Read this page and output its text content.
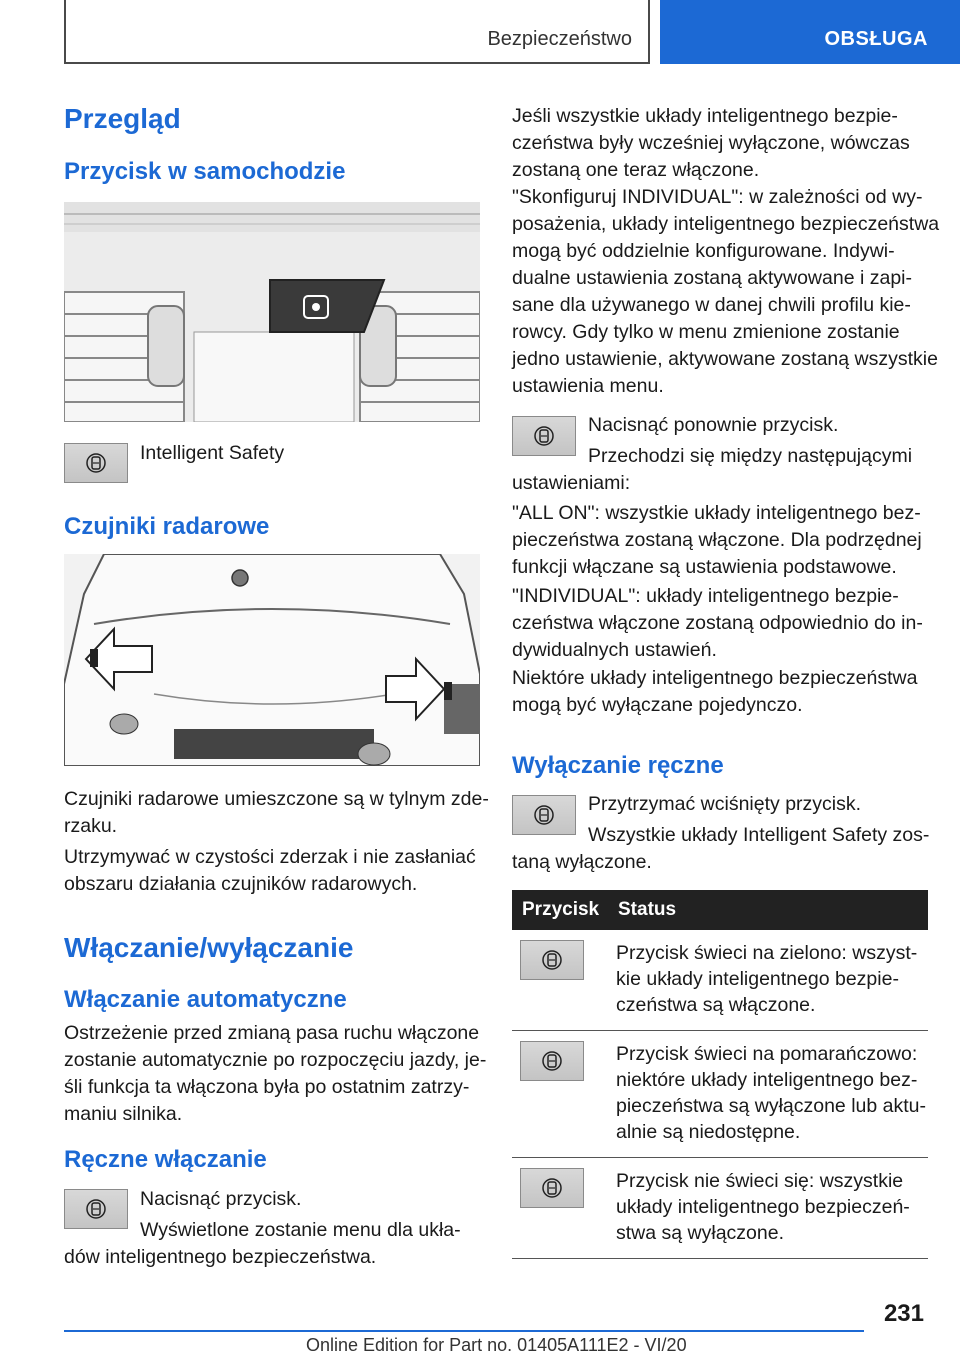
Bezpieczeństwo	OBSŁUGA
Przegląd
Przycisk w samochodzie

Intelligent Safety

Czujniki radarowe

Czujniki radarowe umieszczone są w tylnym zde-
rzaku.

Utrzymywać w czystości zderzak i nie zasłaniać
obszaru działania czujników radarowych.

Włączanie/wyłączanie
Włączanie automatyczne

Ostrzeżenie przed zmianą pasa ruchu włączone
zostanie automatycznie po rozpoczęciu jazdy, je-
śli funkcja ta włączona była po ostatnim zatrzy-
maniu silnika.

Ręczne włączanie

Nacisnąć przycisk.

Wyświetlone zostanie menu dla ukła-

dów inteligentnego bezpieczeństwa.

Jeśli wszystkie układy inteligentnego bezpie-
czeństwa były wcześniej wyłączone, wówczas
zostaną one teraz włączone.

"Skonfiguruj INDIVIDUAL": w zależności od wy-
posażenia, układy inteligentnego bezpieczeństwa
mogą być oddzielnie konfigurowane. Indywi-
dualne ustawienia zostaną aktywowane i zapi-
sane dla używanego w danej chwili profilu kie-
rowcy. Gdy tylko w menu zmienione zostanie
jedno ustawienie, aktywowane zostaną wszystkie
ustawienia menu.

Nacisnąć ponownie przycisk.

Przechodzi się między następującymi

ustawieniami:

"ALL ON": wszystkie układy inteligentnego bez-
pieczeństwa zostaną włączone. Dla podrzędnej
funkcji włączane są ustawienia podstawowe.

"INDIVIDUAL": układy inteligentnego bezpie-
czeństwa włączone zostaną odpowiednio do in-
dywidualnych ustawień.

Niektóre układy inteligentnego bezpieczeństwa
mogą być wyłączane pojedynczo.

Wyłączanie ręczne

Przytrzymać wciśnięty przycisk.

Wszystkie układy Intelligent Safety zos-

taną wyłączone.

Przycisk	Status

	Przycisk świeci na zielono: wszyst-
kie układy inteligentnego bezpie-
czeństwa są włączone.

	Przycisk świeci na pomarańczowo:
niektóre układy inteligentnego bez-
pieczeństwa są wyłączone lub aktu-
alnie są niedostępne.

	Przycisk nie świeci się: wszystkie
układy inteligentnego bezpieczeń-
stwa są wyłączone.
231
Online Edition for Part no. 01405A111E2 - VI/20
